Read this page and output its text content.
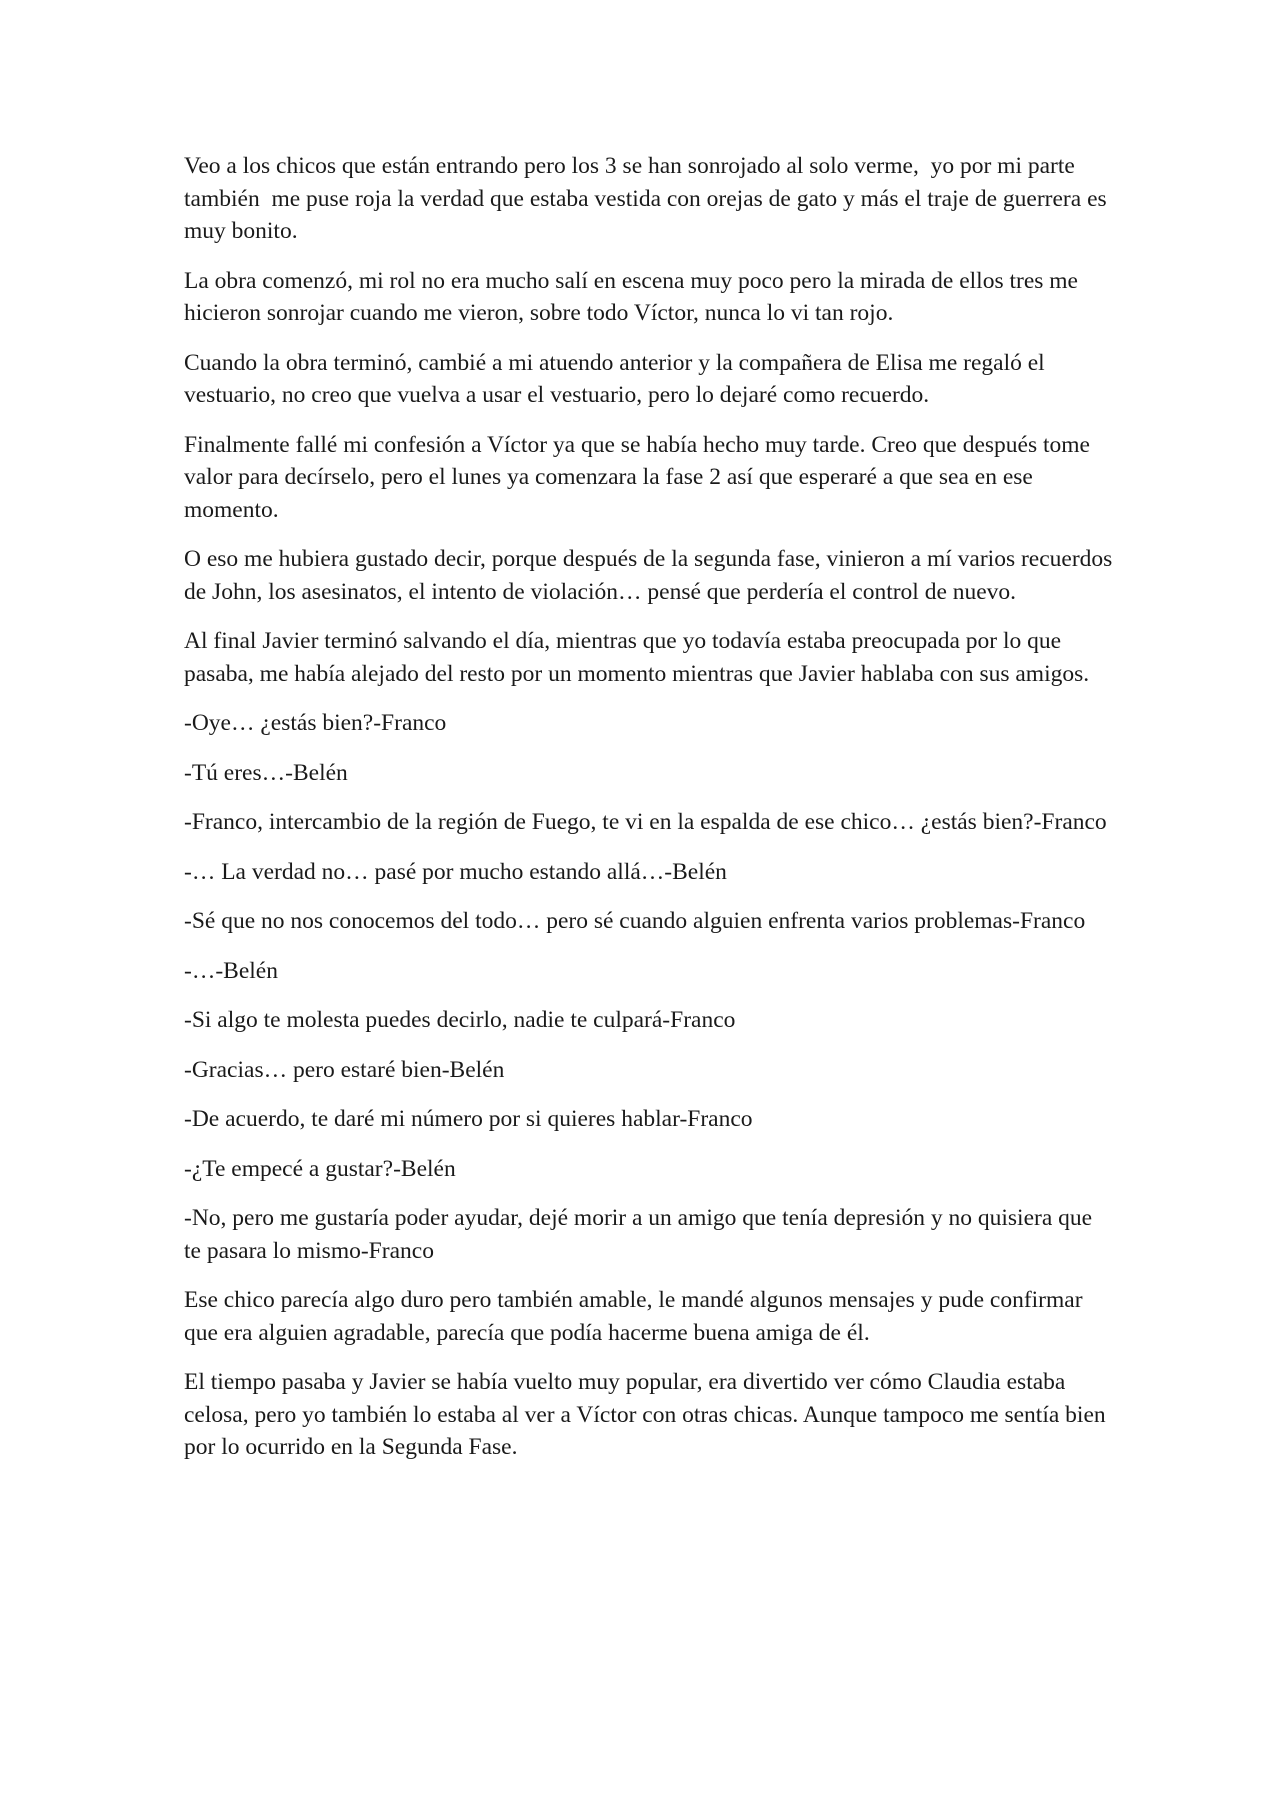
Veo a los chicos que están entrando pero los 3 se han sonrojado al solo verme,  yo por mi parte también  me puse roja la verdad que estaba vestida con orejas de gato y más el traje de guerrera es muy bonito.

La obra comenzó, mi rol no era mucho salí en escena muy poco pero la mirada de ellos tres me hicieron sonrojar cuando me vieron, sobre todo Víctor, nunca lo vi tan rojo.

Cuando la obra terminó, cambié a mi atuendo anterior y la compañera de Elisa me regaló el vestuario, no creo que vuelva a usar el vestuario, pero lo dejaré como recuerdo.

Finalmente fallé mi confesión a Víctor ya que se había hecho muy tarde. Creo que después tome valor para decírselo, pero el lunes ya comenzara la fase 2 así que esperaré a que sea en ese momento.

O eso me hubiera gustado decir, porque después de la segunda fase, vinieron a mí varios recuerdos de John, los asesinatos, el intento de violación… pensé que perdería el control de nuevo.

Al final Javier terminó salvando el día, mientras que yo todavía estaba preocupada por lo que pasaba, me había alejado del resto por un momento mientras que Javier hablaba con sus amigos.

-Oye… ¿estás bien?-Franco

-Tú eres…-Belén

-Franco, intercambio de la región de Fuego, te vi en la espalda de ese chico… ¿estás bien?-Franco

-… La verdad no… pasé por mucho estando allá…-Belén

-Sé que no nos conocemos del todo… pero sé cuando alguien enfrenta varios problemas-Franco

-…-Belén

-Si algo te molesta puedes decirlo, nadie te culpará-Franco

-Gracias… pero estaré bien-Belén

-De acuerdo, te daré mi número por si quieres hablar-Franco

-¿Te empecé a gustar?-Belén

-No, pero me gustaría poder ayudar, dejé morir a un amigo que tenía depresión y no quisiera que te pasara lo mismo-Franco

Ese chico parecía algo duro pero también amable, le mandé algunos mensajes y pude confirmar que era alguien agradable, parecía que podía hacerme buena amiga de él.

El tiempo pasaba y Javier se había vuelto muy popular, era divertido ver cómo Claudia estaba celosa, pero yo también lo estaba al ver a Víctor con otras chicas. Aunque tampoco me sentía bien por lo ocurrido en la Segunda Fase.
